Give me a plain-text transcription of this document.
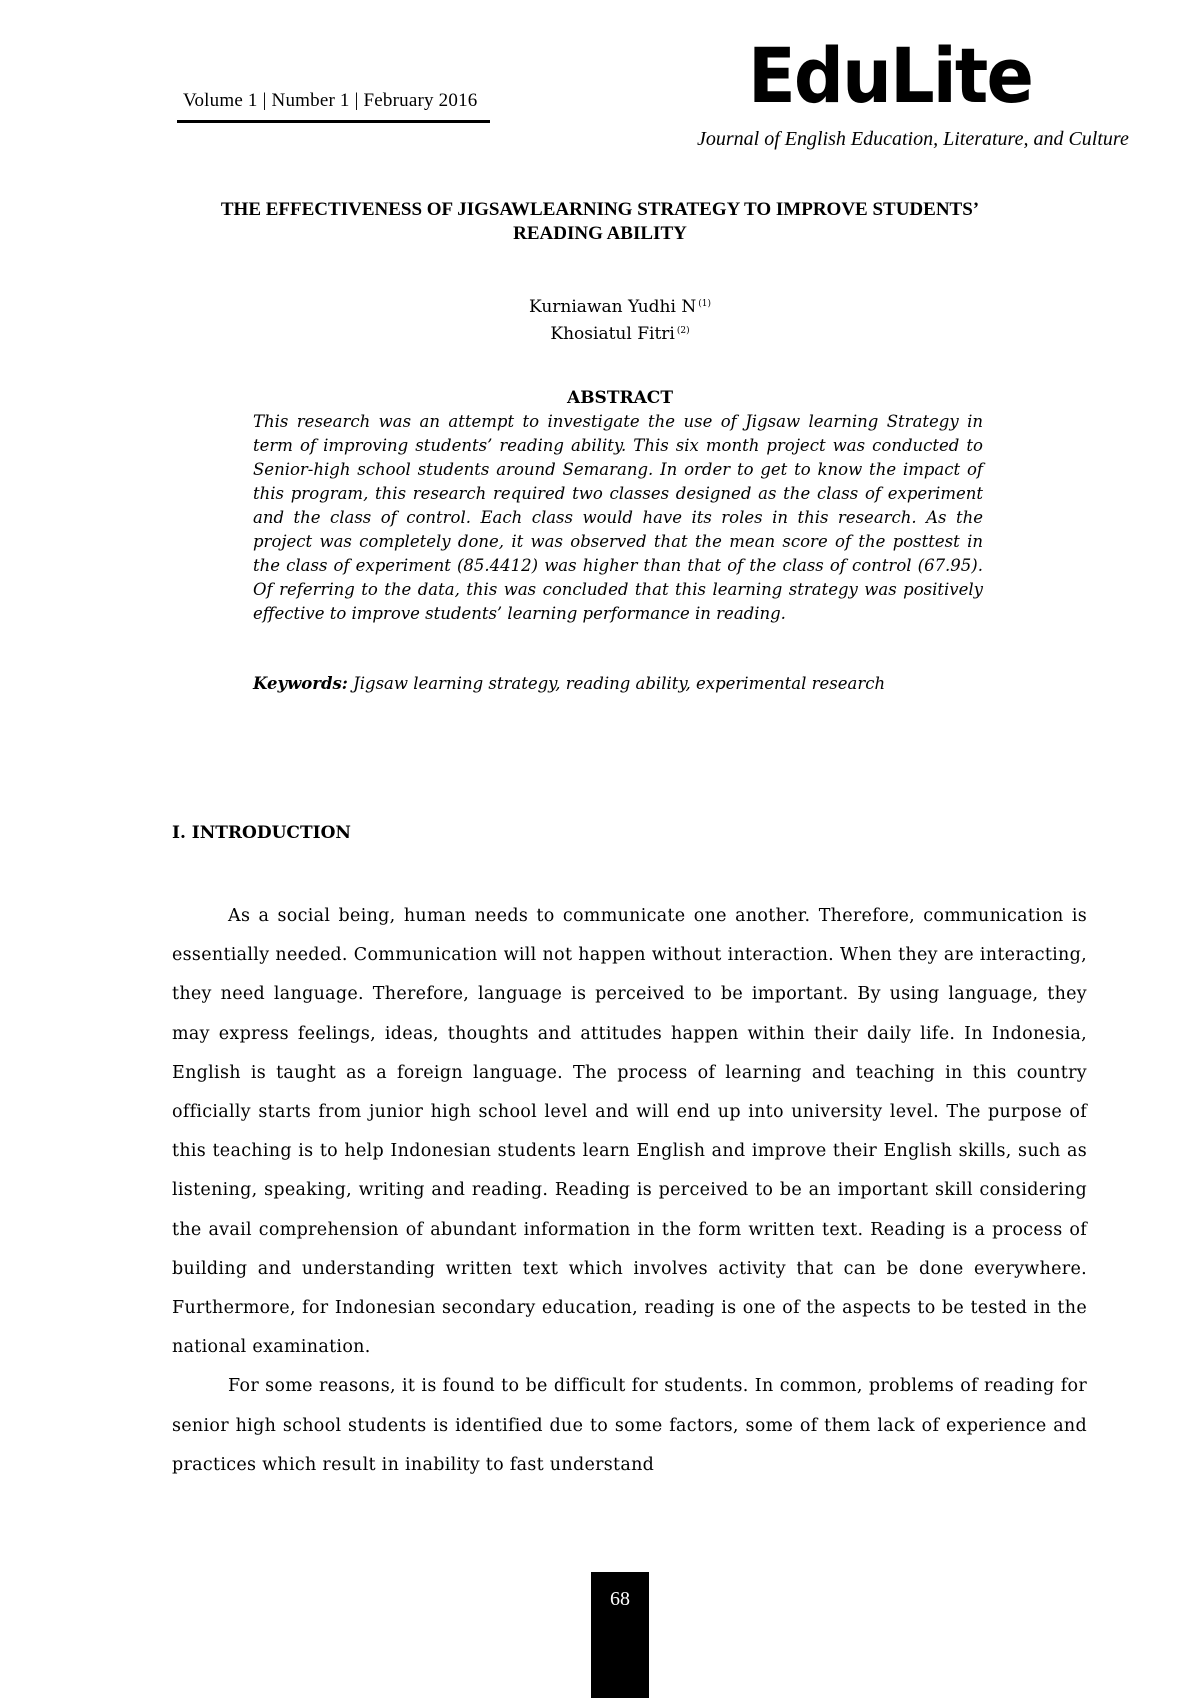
Volume 1 | Number 1 | February 2016	EduLite
Journal of English Education, Literature, and Culture
THE EFFECTIVENESS OF JIGSAWLEARNING STRATEGY TO IMPROVE STUDENTS’
READING ABILITY
Kurniawan Yudhi N $^{(1)}$
Khosiatul Fitri $^{(2)}$
ABSTRACT
This research was an attempt to investigate the use of Jigsaw learning Strategy in term of improving students’ reading ability. This six month project was conducted to Senior-high school students around Semarang. In order to get to know the impact of this program, this research required two classes designed as the class of experiment and the class of control. Each class would have its roles in this research. As the project was completely done, it was observed that the mean score of the posttest in the class of experiment (85.4412) was higher than that of the class of control (67.95). Of referring to the data, this was concluded that this learning strategy was positively effective to improve students’ learning performance in reading.
Keywords: Jigsaw learning strategy, reading ability, experimental research
I. INTRODUCTION

As a social being, human needs to communicate one another. Therefore, communication is essentially needed. Communication will not happen without interaction. When they are interacting, they need language. Therefore, language is perceived to be important. By using language, they may express feelings, ideas, thoughts and attitudes happen within their daily life. In Indonesia, English is taught as a foreign language. The process of learning and teaching in this country officially starts from junior high school level and will end up into university level. The purpose of this teaching is to help Indonesian students learn English and improve their English skills, such as listening, speaking, writing and reading. Reading is perceived to be an important skill considering the avail comprehension of abundant information in the form written text. Reading is a process of building and understanding written text which involves activity that can be done everywhere. Furthermore, for Indonesian secondary education, reading is one of the aspects to be tested in the national examination.

For some reasons, it is found to be difficult for students. In common, problems of reading for senior high school students is identified due to some factors, some of them lack of experience and practices which result in inability to fast understand

68
